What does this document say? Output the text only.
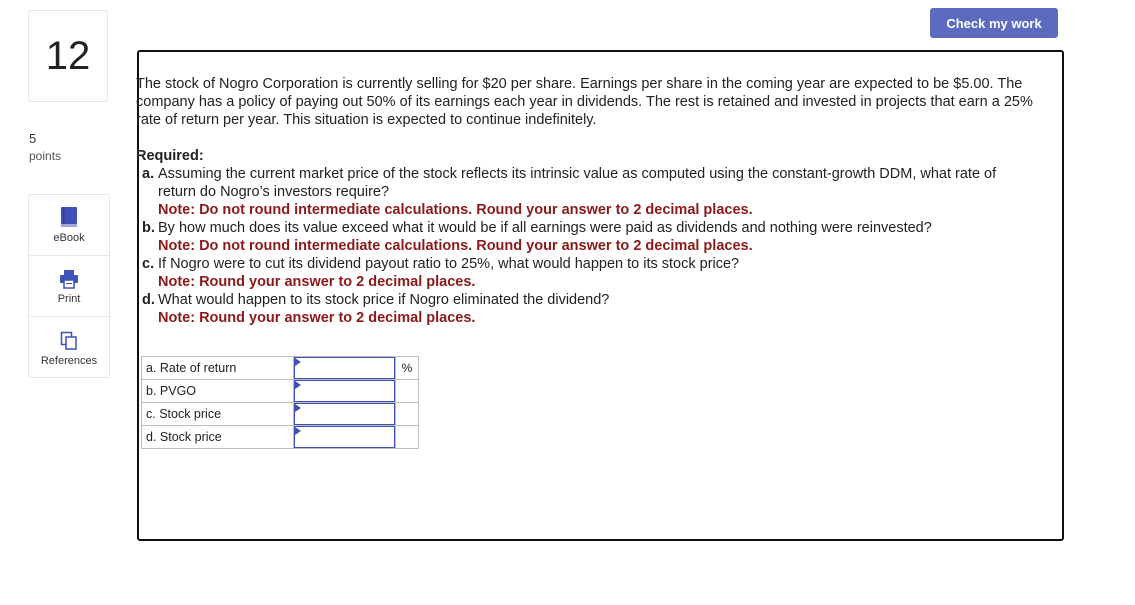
12
5
points
eBook
Print
References
Check my work

The stock of Nogro Corporation is currently selling for $20 per share. Earnings per share in the coming year are expected to be $5.00. The company has a policy of paying out 50% of its earnings each year in dividends. The rest is retained and invested in projects that earn a 25% rate of return per year. This situation is expected to continue indefinitely.

Required:
a. Assuming the current market price of the stock reflects its intrinsic value as computed using the constant-growth DDM, what rate of return do Nogro’s investors require?
Note: Do not round intermediate calculations. Round your answer to 2 decimal places.
b. By how much does its value exceed what it would be if all earnings were paid as dividends and nothing were reinvested?
Note: Do not round intermediate calculations. Round your answer to 2 decimal places.
c. If Nogro were to cut its dividend payout ratio to 25%, what would happen to its stock price?
Note: Round your answer to 2 decimal places.
d. What would happen to its stock price if Nogro eliminated the dividend?
Note: Round your answer to 2 decimal places.
a. Rate of return		%
b. PVGO	

c. Stock price	

d. Stock price	
